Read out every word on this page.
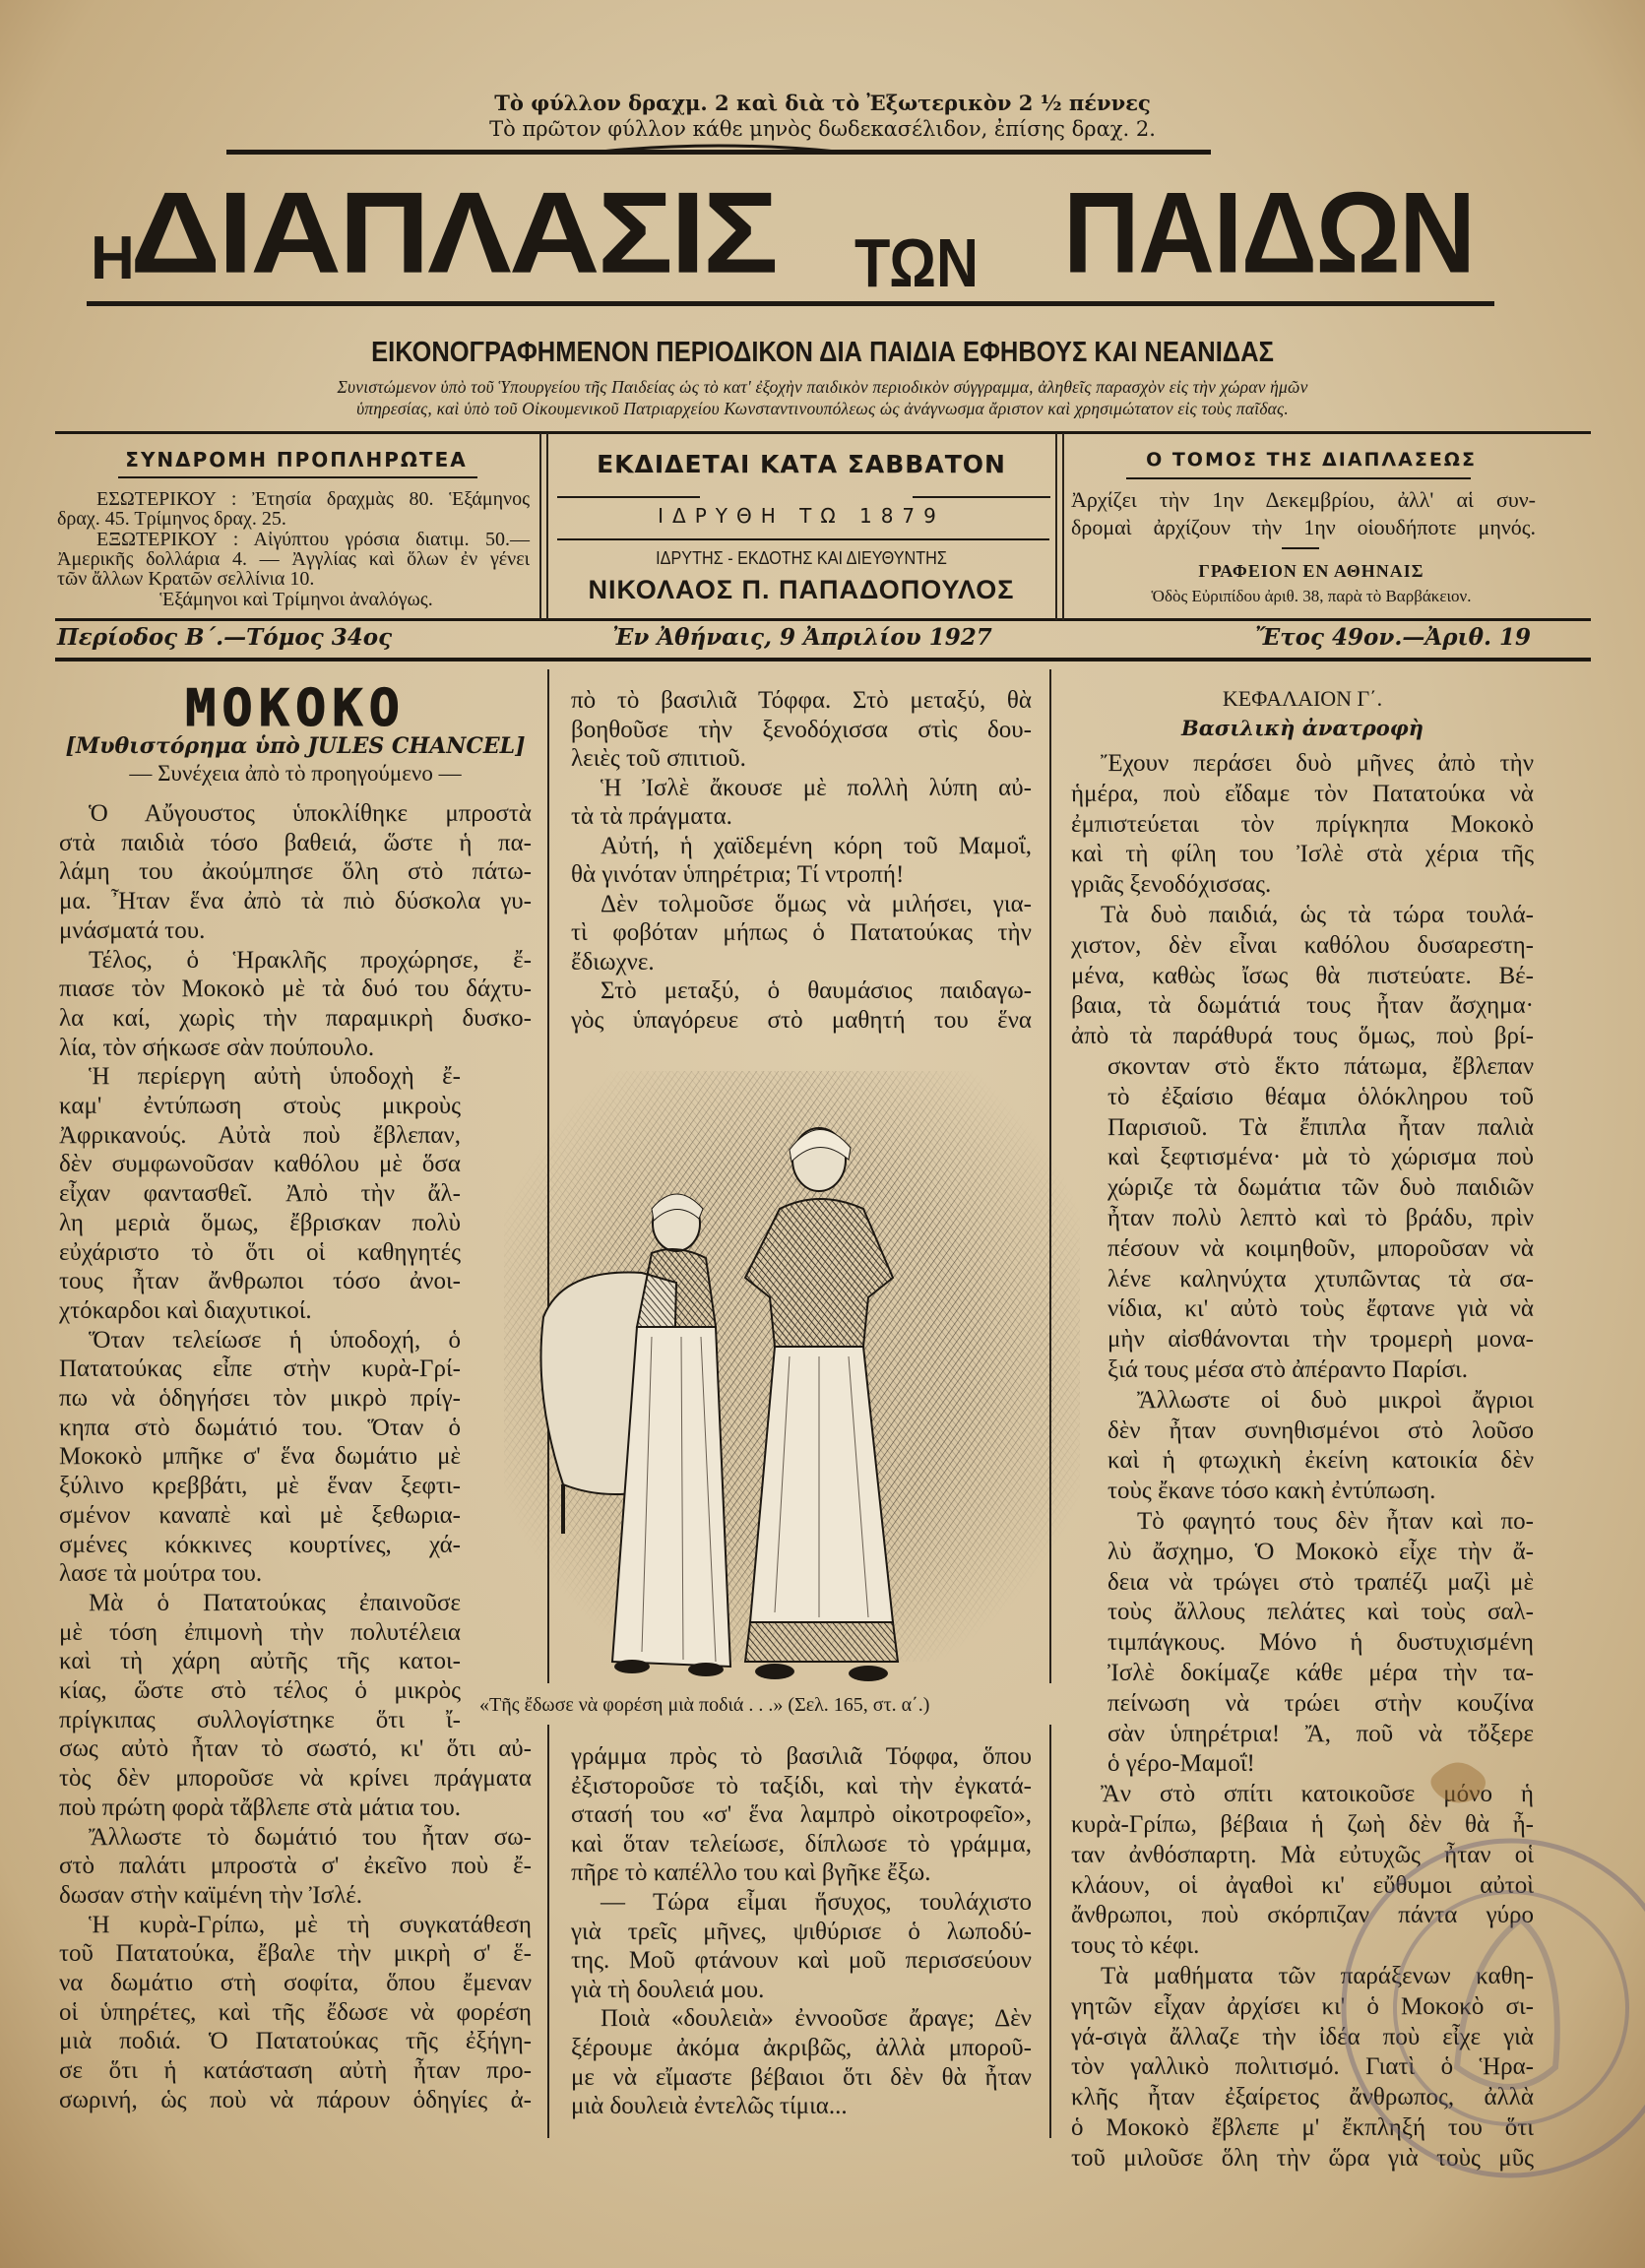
Τὸ φύλλον δραχμ. 2 καὶ διὰ τὸ Ἐξωτερικὸν 2 ½ πέννες
Τὸ πρῶτον φύλλον κάθε μηνὸς δωδεκασέλιδον, ἐπίσης δραχ. 2.
Η
ΔΙΑΠΛΑΣΙΣ ΤΩΝ ΠΑΙΔΩΝ
ΕΙΚΟΝΟΓΡΑΦΗΜΕΝΟΝ ΠΕΡΙΟΔΙΚΟΝ ΔΙΑ ΠΑΙΔΙΑ ΕΦΗΒΟΥΣ ΚΑΙ ΝΕΑΝΙΔΑΣ
Συνιστώμενον ὑπὸ τοῦ Ὑπουργείου τῆς Παιδείας ὡς τὸ κατ' ἐξοχὴν παιδικὸν περιοδικὸν σύγγραμμα, ἀληθεῖς παρασχὸν εἰς τὴν χώραν ἡμῶν
ὑπηρεσίας, καὶ ὑπὸ τοῦ Οἰκουμενικοῦ Πατριαρχείου Κωνσταντινουπόλεως ὡς ἀνάγνωσμα ἄριστον καὶ χρησιμώτατον εἰς τοὺς παῖδας.
ΣΥΝΔΡΟΜΗ ΠΡΟΠΛΗΡΩΤΕΑ
ΕΣΩΤΕΡΙΚΟΥ : Ἐτησία δραχμὰς 80. Ἑξάμηνος
δραχ. 45. Τρίμηνος δραχ. 25.
ΕΞΩΤΕΡΙΚΟΥ : Αἰγύπτου γρόσια διατιμ. 50.—
Ἀμερικῆς δολλάρια 4. — Ἀγγλίας καὶ ὅλων ἐν γένει
τῶν ἄλλων Κρατῶν σελλίνια 10.
Ἑξάμηνοι καὶ Τρίμηνοι ἀναλόγως.
ΕΚΔΙΔΕΤΑΙ ΚΑΤΑ ΣΑΒΒΑΤΟΝ
ΙΔΡΥΘΗ ΤΩ 1879
ΙΔΡΥΤΗΣ - ΕΚΔΟΤΗΣ ΚΑΙ ΔΙΕΥΘΥΝΤΗΣ
ΝΙΚΟΛΑΟΣ Π. ΠΑΠΑΔΟΠΟΥΛΟΣ
Ο ΤΟΜΟΣ ΤΗΣ ΔΙΑΠΛΑΣΕΩΣ
Ἀρχίζει τὴν 1ην Δεκεμβρίου, ἀλλ' αἱ συν-
δρομαὶ ἀρχίζουν τὴν 1ην οἱουδήποτε μηνός.
ΓΡΑΦΕΙΟΝ ΕΝ ΑΘΗΝΑΙΣ
Ὁδὸς Εὐριπίδου ἀριθ. 38, παρὰ τὸ Βαρβάκειον.
Περίοδος Β΄.—Τόμος 34ος	Ἐν Ἀθήναις, 9 Ἀπριλίου 1927	Ἔτος 49ον.—Ἀριθ. 19
ΜΟΚΟΚΟ
[Μυθιστόρημα ὑπὸ JULES CHANCEL]
— Συνέχεια ἀπὸ τὸ προηγούμενο —
ΚΕΦΑΛΑΙΟΝ Γ΄.
Βασιλικὴ ἀνατροφὴ
Ὁ Αὔγουστος ὑποκλίθηκε μπροστὰ
στὰ παιδιὰ τόσο βαθειά, ὥστε ἡ πα-
λάμη του ἀκούμπησε ὅλη στὸ πάτω-
μα. Ἦταν ἕνα ἀπὸ τὰ πιὸ δύσκολα γυ-
μνάσματά του.
Τέλος, ὁ Ἡρακλῆς προχώρησε, ἔ-
πιασε τὸν Μοκοκὸ μὲ τὰ δυό του δάχτυ-
λα καί, χωρὶς τὴν παραμικρὴ δυσκο-
λία, τὸν σήκωσε σὰν πούπουλο.
Ἡ περίεργη αὐτὴ ὑποδοχὴ ἔ-
καμ' ἐντύπωση στοὺς μικροὺς
Ἀφρικανούς. Αὐτὰ ποὺ ἔβλεπαν,
δὲν συμφωνοῦσαν καθόλου μὲ ὅσα
εἶχαν φαντασθεῖ. Ἀπὸ τὴν ἄλ-
λη μεριὰ ὅμως, ἔβρισκαν πολὺ
εὐχάριστο τὸ ὅτι οἱ καθηγητές
τους ἦταν ἄνθρωποι τόσο ἀνοι-
χτόκαρδοι καὶ διαχυτικοί.
Ὅταν τελείωσε ἡ ὑποδοχή, ὁ
Πατατούκας εἶπε στὴν κυρὰ-Γρί-
πω νὰ ὁδηγήσει τὸν μικρὸ πρίγ-
κηπα στὸ δωμάτιό του. Ὅταν ὁ
Μοκοκὸ μπῆκε σ' ἕνα δωμάτιο μὲ
ξύλινο κρεββάτι, μὲ ἕναν ξεφτι-
σμένον καναπὲ καὶ μὲ ξεθωρια-
σμένες κόκκινες κουρτίνες, χά-
λασε τὰ μούτρα του.
Μὰ ὁ Πατατούκας ἐπαινοῦσε
μὲ τόση ἐπιμονὴ τὴν πολυτέλεια
καὶ τὴ χάρη αὐτῆς τῆς κατοι-
κίας, ὥστε στὸ τέλος ὁ μικρὸς
πρίγκιπας συλλογίστηκε ὅτι ἴ-
σως αὐτὸ ἦταν τὸ σωστό, κι' ὅτι αὐ-
τὸς δὲν μποροῦσε νὰ κρίνει πράγματα
ποὺ πρώτη φορὰ τἄβλεπε στὰ μάτια του.
Ἄλλωστε τὸ δωμάτιό του ἦταν σω-
στὸ παλάτι μπροστὰ σ' ἐκεῖνο ποὺ ἔ-
δωσαν στὴν καϊμένη τὴν Ἰσλέ.
Ἡ κυρὰ-Γρίπω, μὲ τὴ συγκατάθεση
τοῦ Πατατούκα, ἔβαλε τὴν μικρὴ σ' ἕ-
να δωμάτιο στὴ σοφίτα, ὅπου ἔμεναν
οἱ ὑπηρέτες, καὶ τῆς ἔδωσε νὰ φορέση
μιὰ ποδιά. Ὁ Πατατούκας τῆς ἐξήγη-
σε ὅτι ἡ κατάσταση αὐτὴ ἦταν προ-
σωρινή, ὡς ποὺ νὰ πάρουν ὁδηγίες ἀ-
πὸ τὸ βασιλιᾶ Τόφφα. Στὸ μεταξύ, θὰ
βοηθοῦσε τὴν ξενοδόχισσα στὶς δου-
λειὲς τοῦ σπιτιοῦ.
Ἡ Ἰσλὲ ἄκουσε μὲ πολλὴ λύπη αὐ-
τὰ τὰ πράγματα.
Αὐτή, ἡ χαϊδεμένη κόρη τοῦ Μαμοΐ,
θὰ γινόταν ὑπηρέτρια; Τί ντροπή!
Δὲν τολμοῦσε ὅμως νὰ μιλήσει, για-
τὶ φοβόταν μήπως ὁ Πατατούκας τὴν
ἔδιωχνε.
Στὸ μεταξύ, ὁ θαυμάσιος παιδαγω-
γὸς ὑπαγόρευε στὸ μαθητή του ἕνα
γράμμα πρὸς τὸ βασιλιᾶ Τόφφα, ὅπου
ἐξιστοροῦσε τὸ ταξίδι, καὶ τὴν ἐγκατά-
στασή του «σ' ἕνα λαμπρὸ οἰκοτροφεῖο»,
καὶ ὅταν τελείωσε, δίπλωσε τὸ γράμμα,
πῆρε τὸ καπέλλο του καὶ βγῆκε ἔξω.
— Τώρα εἶμαι ἥσυχος, τουλάχιστο
γιὰ τρεῖς μῆνες, ψιθύρισε ὁ λωποδύ-
της. Μοῦ φτάνουν καὶ μοῦ περισσεύουν
γιὰ τὴ δουλειά μου.
Ποιὰ «δουλειὰ» ἐννοοῦσε ἄραγε; Δὲν
ξέρουμε ἀκόμα ἀκριβῶς, ἀλλὰ μποροῦ-
με νὰ εἴμαστε βέβαιοι ὅτι δὲν θὰ ἦταν
μιὰ δουλειὰ ἐντελῶς τίμια...
Ἔχουν περάσει δυὸ μῆνες ἀπὸ τὴν
ἡμέρα, ποὺ εἴδαμε τὸν Πατατούκα νὰ
ἐμπιστεύεται τὸν πρίγκηπα Μοκοκὸ
καὶ τὴ φίλη του Ἰσλὲ στὰ χέρια τῆς
γριᾶς ξενοδόχισσας.
Τὰ δυὸ παιδιά, ὡς τὰ τώρα τουλά-
χιστον, δὲν εἶναι καθόλου δυσαρεστη-
μένα, καθὼς ἴσως θὰ πιστεύατε. Βέ-
βαια, τὰ δωμάτιά τους ἦταν ἄσχημα·
ἀπὸ τὰ παράθυρά τους ὅμως, ποὺ βρί-
σκονταν στὸ ἕκτο πάτωμα, ἔβλεπαν
τὸ ἐξαίσιο θέαμα ὁλόκληρου τοῦ
Παρισιοῦ. Τὰ ἔπιπλα ἦταν παλιὰ
καὶ ξεφτισμένα· μὰ τὸ χώρισμα ποὺ
χώριζε τὰ δωμάτια τῶν δυὸ παιδιῶν
ἦταν πολὺ λεπτὸ καὶ τὸ βράδυ, πρὶν
πέσουν νὰ κοιμηθοῦν, μποροῦσαν νὰ
λένε καληνύχτα χτυπῶντας τὰ σα-
νίδια, κι' αὐτὸ τοὺς ἔφτανε γιὰ νὰ
μὴν αἰσθάνονται τὴν τρομερὴ μονα-
ξιά τους μέσα στὸ ἀπέραντο Παρίσι.
Ἄλλωστε οἱ δυὸ μικροὶ ἄγριοι
δὲν ἦταν συνηθισμένοι στὸ λοῦσο
καὶ ἡ φτωχικὴ ἐκείνη κατοικία δὲν
τοὺς ἔκανε τόσο κακὴ ἐντύπωση.
Τὸ φαγητό τους δὲν ἦταν καὶ πο-
λὺ ἄσχημο, Ὁ Μοκοκὸ εἶχε τὴν ἄ-
δεια νὰ τρώγει στὸ τραπέζι μαζὶ μὲ
τοὺς ἄλλους πελάτες καὶ τοὺς σαλ-
τιμπάγκους. Μόνο ἡ δυστυχισμένη
Ἰσλὲ δοκίμαζε κάθε μέρα τὴν τα-
πείνωση νὰ τρώει στὴν κουζίνα
σὰν ὑπηρέτρια! Ἄ, ποῦ νὰ τὄξερε
ὁ γέρο-Μαμοΐ!
Ἂν στὸ σπίτι κατοικοῦσε μόνο ἡ
κυρὰ-Γρίπω, βέβαια ἡ ζωὴ δὲν θὰ ἦ-
ταν ἀνθόσπαρτη. Μὰ εὐτυχῶς ἦταν οἱ
κλάουν, οἱ ἀγαθοὶ κι' εὔθυμοι αὐτοὶ
ἄνθρωποι, ποὺ σκόρπιζαν πάντα γύρο
τους τὸ κέφι.
Τὰ μαθήματα τῶν παράξενων καθη-
γητῶν εἶχαν ἀρχίσει κι' ὁ Μοκοκὸ σι-
γά-σιγὰ ἄλλαζε τὴν ἰδέα ποὺ εἶχε γιὰ
τὸν γαλλικὸ πολιτισμό. Γιατὶ ὁ Ἡρα-
κλῆς ἦταν ἐξαίρετος ἄνθρωπος, ἀλλὰ
ὁ Μοκοκὸ ἔβλεπε μ' ἔκπληξή του ὅτι
τοῦ μιλοῦσε ὅλη τὴν ὥρα γιὰ τοὺς μῦς
«Τῆς ἔδωσε νὰ φορέση μιὰ ποδιά . . .» (Σελ. 165, στ. α΄.)
